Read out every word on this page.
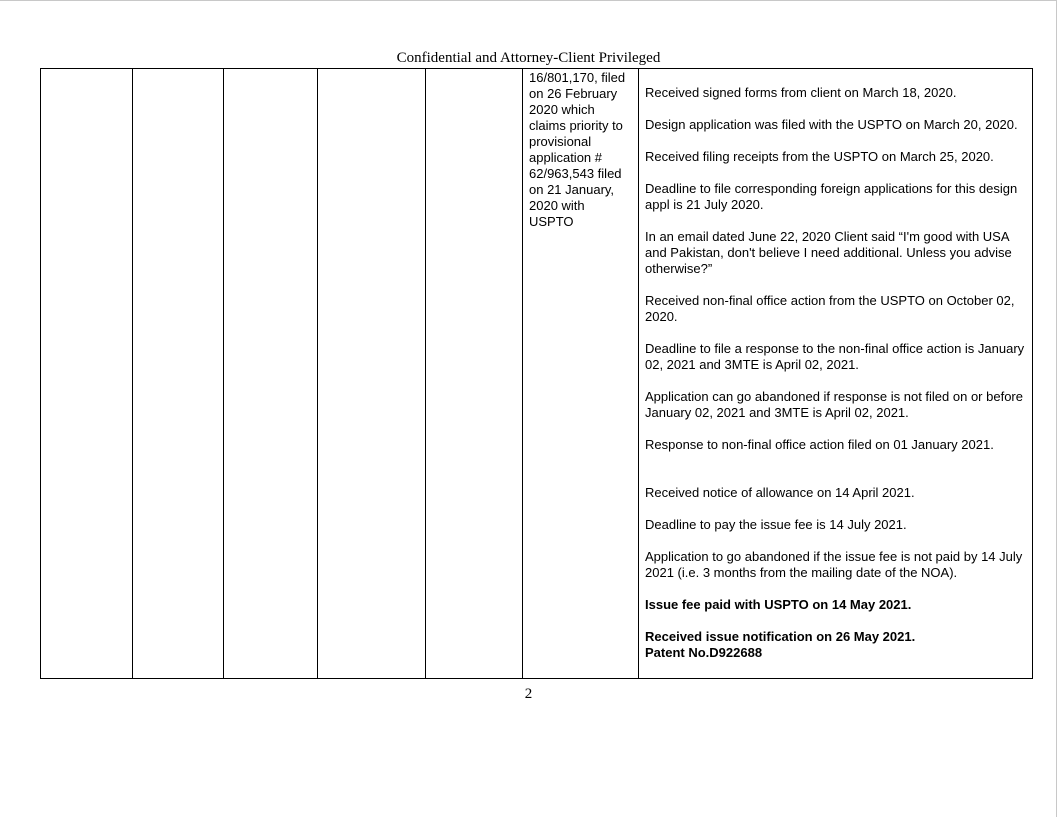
Confidential and Attorney-Client Privileged

16/801,170, filed on 26 February 2020 which claims priority to provisional application # 62/963,543 filed on 21 January, 2020 with USPTO

Received signed forms from client on March 18, 2020.

Design application was filed with the USPTO on March 20, 2020.

Received filing receipts from the USPTO on March 25, 2020.

Deadline to file corresponding foreign applications for this design appl is 21 July 2020.

In an email dated June 22, 2020 Client said “I'm good with USA and Pakistan, don't believe I need additional. Unless you advise otherwise?”

Received non-final office action from the USPTO on October 02, 2020.

Deadline to file a response to the non-final office action is January 02, 2021 and 3MTE is April 02, 2021.

Application can go abandoned if response is not filed on or before January 02, 2021 and 3MTE is April 02, 2021.

Response to non-final office action filed on 01 January 2021.

Received notice of allowance on 14 April 2021.

Deadline to pay the issue fee is 14 July 2021.

Application to go abandoned if the issue fee is not paid by 14 July 2021 (i.e. 3 months from the mailing date of the NOA).

Issue fee paid with USPTO on 14 May 2021.

Received issue notification on 26 May 2021.

Patent No.D922688

2
